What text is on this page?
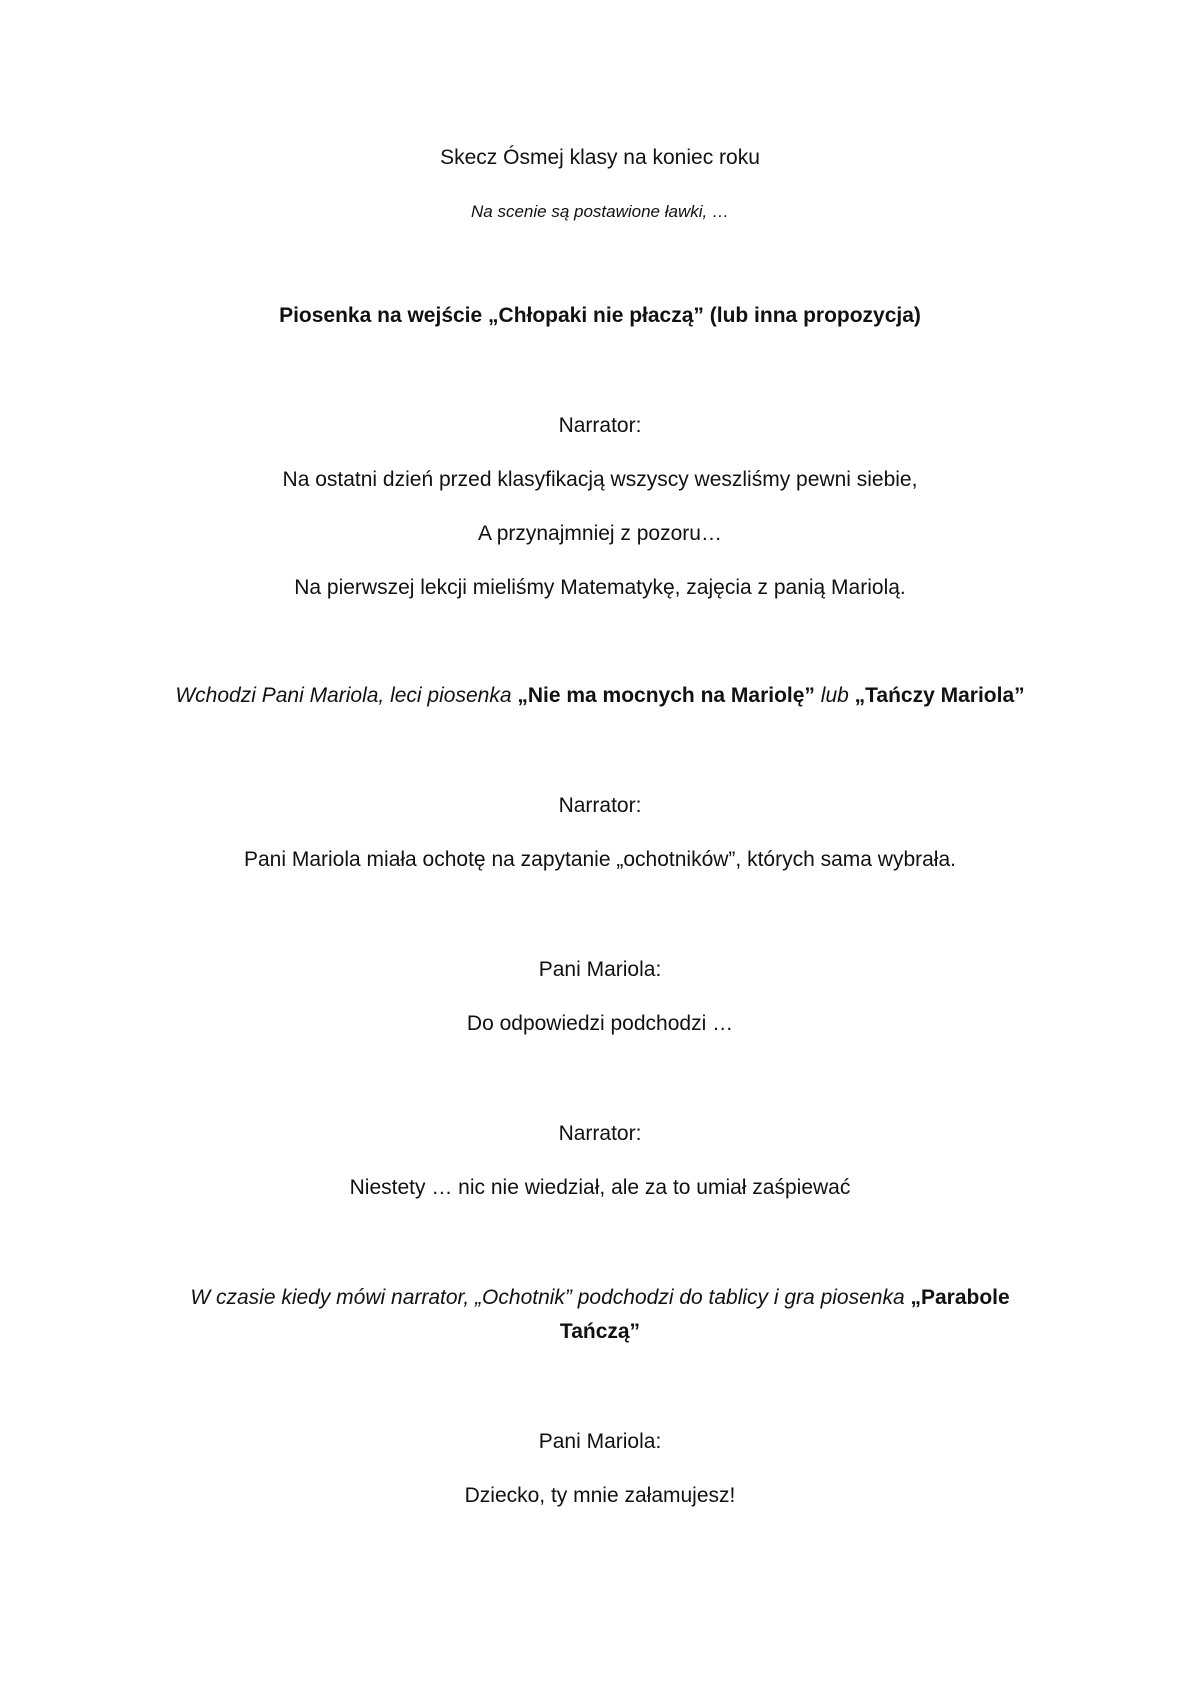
Skecz Ósmej klasy na koniec roku
Na scenie są postawione ławki, …
Piosenka na wejście „Chłopaki nie płaczą” (lub inna propozycja)
Narrator:
Na ostatni dzień przed klasyfikacją wszyscy weszliśmy pewni siebie,
A przynajmniej z pozoru…
Na pierwszej lekcji mieliśmy Matematykę, zajęcia z panią Mariolą.
Wchodzi Pani Mariola, leci piosenka „Nie ma mocnych na Mariolę” lub „Tańczy Mariola”
Narrator:
Pani Mariola miała ochotę na zapytanie „ochotników”, których sama wybrała.
Pani Mariola:
Do odpowiedzi podchodzi …
Narrator:
Niestety … nic nie wiedział, ale za to umiał zaśpiewać
W czasie kiedy mówi narrator, „Ochotnik” podchodzi do tablicy i gra piosenka „Parabole
Tańczą”
Pani Mariola:
Dziecko, ty mnie załamujesz!
